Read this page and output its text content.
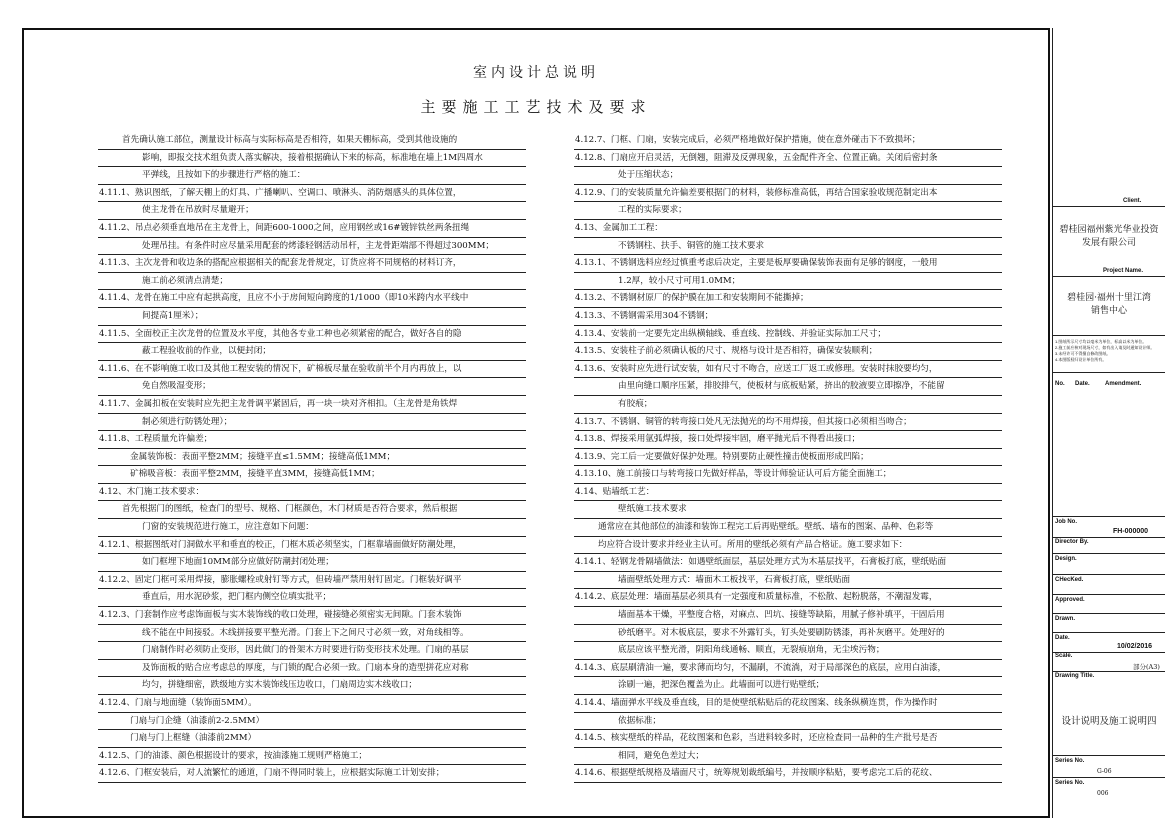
室内设计总说明
主要施工工艺技术及要求
首先确认施工部位，测量设计标高与实际标高是否相符，如果天棚标高，受到其他设施的
影响，即报交技术组负责人落实解决，接着根据确认下来的标高，标准地在墙上1M四周水
平弹线，且按如下的步骤进行严格的施工：
4.11.1、熟识图纸，了解天棚上的灯具、广播喇叭、空调口、喷淋头、消防烟感头的具体位置，
使主龙骨在吊放时尽量避开；
4.11.2、吊点必须垂直地吊在主龙骨上，间距600-1000之间，应用钢丝或16#镀锌铁丝两条扭绳
处理吊挂。有条件时应尽量采用配套的烤漆轻钢活动吊杆，主龙骨距端部不得超过300MM；
4.11.3、主次龙骨和收边条的搭配应根据相关的配套龙骨规定，订货应将不同规格的材料订齐，
施工前必须清点清楚；
4.11.4、龙骨在施工中应有起拱高度，且应不小于房间短向跨度的1/1000（即10米跨内水平线中
间提高1厘米）；
4.11.5、全面校正主次龙骨的位置及水平度，其他各专业工种也必须紧密的配合，做好各自的隐
蔽工程验收前的作业，以便封闭；
4.11.6、在不影响施工收口及其他工程安装的情况下，矿棉板尽量在验收前半个月内再放上，以
免自然吸湿变形；
4.11.7、金属扣板在安装时应先把主龙骨调平紧固后，再一块一块对齐相扣。（主龙骨是角铁焊
制必须进行防锈处理）；
4.11.8、工程质量允许偏差；
金属装饰板：表面平整2MM；接缝平直≤1.5MM；接缝高低1MM；
矿棉吸音板：表面平整2MM，接缝平直3MM，接缝高低1MM；
4.12、木门施工技术要求：
首先根据门的图纸，检查门的型号、规格、门框颜色，木门材质是否符合要求，然后根据
门窗的安装规范进行施工，应注意如下问题：
4.12.1、根据图纸对门洞做水平和垂直的校正，门框木质必须坚实，门框靠墙面做好防潮处理，
如门框埋下地面10MM部分应做好防潮封闭处理；
4.12.2、固定门框可采用焊接，膨胀螺栓或射钉等方式，但砖墙严禁用射钉固定。门框装好调平
垂直后，用水泥砂浆，把门框内侧空位填实批平；
4.12.3、门套制作应考虑饰面板与实木装饰线的收口处理，碰接缝必须密实无间隙。门套木装饰
线不能在中间接驳。木线拼接要平整光滑。门套上下之间尺寸必须一致，对角线相等。
门扇制作时必须防止变形，因此做门的骨架木方时要进行防变形技术处理。门扇的基层
及饰面板的贴合应考虑总的厚度，与门锁的配合必须一致。门扇本身的造型拼花应对称
均匀，拼缝细密，跌级地方实木装饰线压边收口，门扇周边实木线收口；
4.12.4、门扇与地面缝（装饰面5MM）。
门扇与门企缝（油漆前2-2.5MM）
门扇与门上框缝（油漆前2MM）
4.12.5、门的油漆、颜色根据设计的要求，按油漆施工规则严格施工；
4.12.6、门框安装后，对人流繁忙的通道，门扇不得同时装上，应根据实际施工计划安排；
4.12.7、门框、门扇，安装完成后，必须严格地做好保护措施，使在意外碰击下不致损坏；
4.12.8、门扇应开启灵活，无倒翘，阻滞及反弹现象，五金配件齐全、位置正确。关闭后密封条
处于压缩状态；
4.12.9、门的安装质量允许偏差要根据门的材料，装修标准高低，再结合国家验收规范制定出本
工程的实际要求；
4.13、金属加工工程：
不锈钢柱、扶手、铜管的施工技术要求
4.13.1、不锈钢选料应经过慎重考虑后决定，主要是板厚要确保装饰表面有足够的钢度，一般用
1.2厚，较小尺寸可用1.0MM；
4.13.2、不锈钢材原厂的保护膜在加工和安装期间不能撕掉；
4.13.3、不锈钢需采用304不锈钢；
4.13.4、安装前一定要先定出纵横轴线、垂直线、控制线、并验证实际加工尺寸；
4.13.5、安装柱子前必须确认板的尺寸、规格与设计是否相符，确保安装顺利；
4.13.6、安装时应先进行试安装，如有尺寸不吻合，应送工厂返工或修理。安装时抹胶要均匀，
由里向缝口顺序压紧，排胶排气，使板材与底板贴紧，挤出的胶液要立即擦净，不能留
有胶痕；
4.13.7、不锈钢、铜管的转弯接口处凡无法抛光的均不用焊接，但其接口必须相当吻合；
4.13.8、焊接采用氩弧焊接，接口处焊接牢固，磨平抛光后不得看出接口；
4.13.9、完工后一定要做好保护处理。特别要防止硬性撞击使板面形成凹陷；
4.13.10、施工前接口与转弯接口先做好样品，等设计师验证认可后方能全面施工；
4.14、贴墙纸工艺：
壁纸施工技术要求
通常应在其他部位的油漆和装饰工程完工后再贴壁纸。壁纸、墙布的图案、品种、色彩等
均应符合设计要求并经业主认可。所用的壁纸必须有产品合格证。施工要求如下：
4.14.1、轻钢龙骨隔墙做法：如遇壁纸面层，基层处理方式为木基层找平，石膏板打底，壁纸贴面
墙面壁纸处理方式：墙面木工板找平，石膏板打底，壁纸贴面
4.14.2、底层处理：墙面基层必须具有一定强度和质量标准，不松散、起粉脱落，不潮湿发霉，
墙面基本干燥，平整度合格，对麻点、凹坑、接缝等缺陷，用腻子修补填平，干固后用
砂纸磨平。对木板底层，要求不外露钉头，钉头处要刷防锈漆，再补灰磨平。处理好的
底层应该平整光滑，阴阳角线通畅、顺直，无裂痕崩角，无尘埃污物；
4.14.3、底层刷清油一遍，要求薄而均匀，不漏刷，不流淌，对于局部深色的底层，应用白油漆，
涂刷一遍，把深色覆盖为止。此墙面可以进行贴壁纸；
4.14.4、墙面弹水平线及垂直线，目的是使壁纸粘贴后的花纹图案、线条纵横连贯，作为操作时
依据标准；
4.14.5、核实壁纸的样品，花纹图案和色彩，当进料较多时，还应检查同一品种的生产批号是否
相同，避免色差过大；
4.14.6、根据壁纸规格及墙面尺寸，统筹规划裁纸编号，并按顺序粘贴，要考虑完工后的花纹、
Client.
碧桂园福州紫光华业投资
发展有限公司
Project Name.
碧桂园·福州十里江湾
销售中心
1.图纸所示尺寸均以毫米为单位，标高以米为单位。
2.施工前应核对现场尺寸，如有出入请及时通知设计师。
3.未经许可不得擅自修改图纸。
4.本图版权归设计单位所有。
No. Date.	Amendment.
Job No.
FH-000000
Director By.
Design.
CHecKed.
Approved.
Drawn.
Date.
10/02/2016
Scale.
部分(A3)
Drawing Title.
设计说明及施工说明四
Series No.
G-06
Series No.
006
